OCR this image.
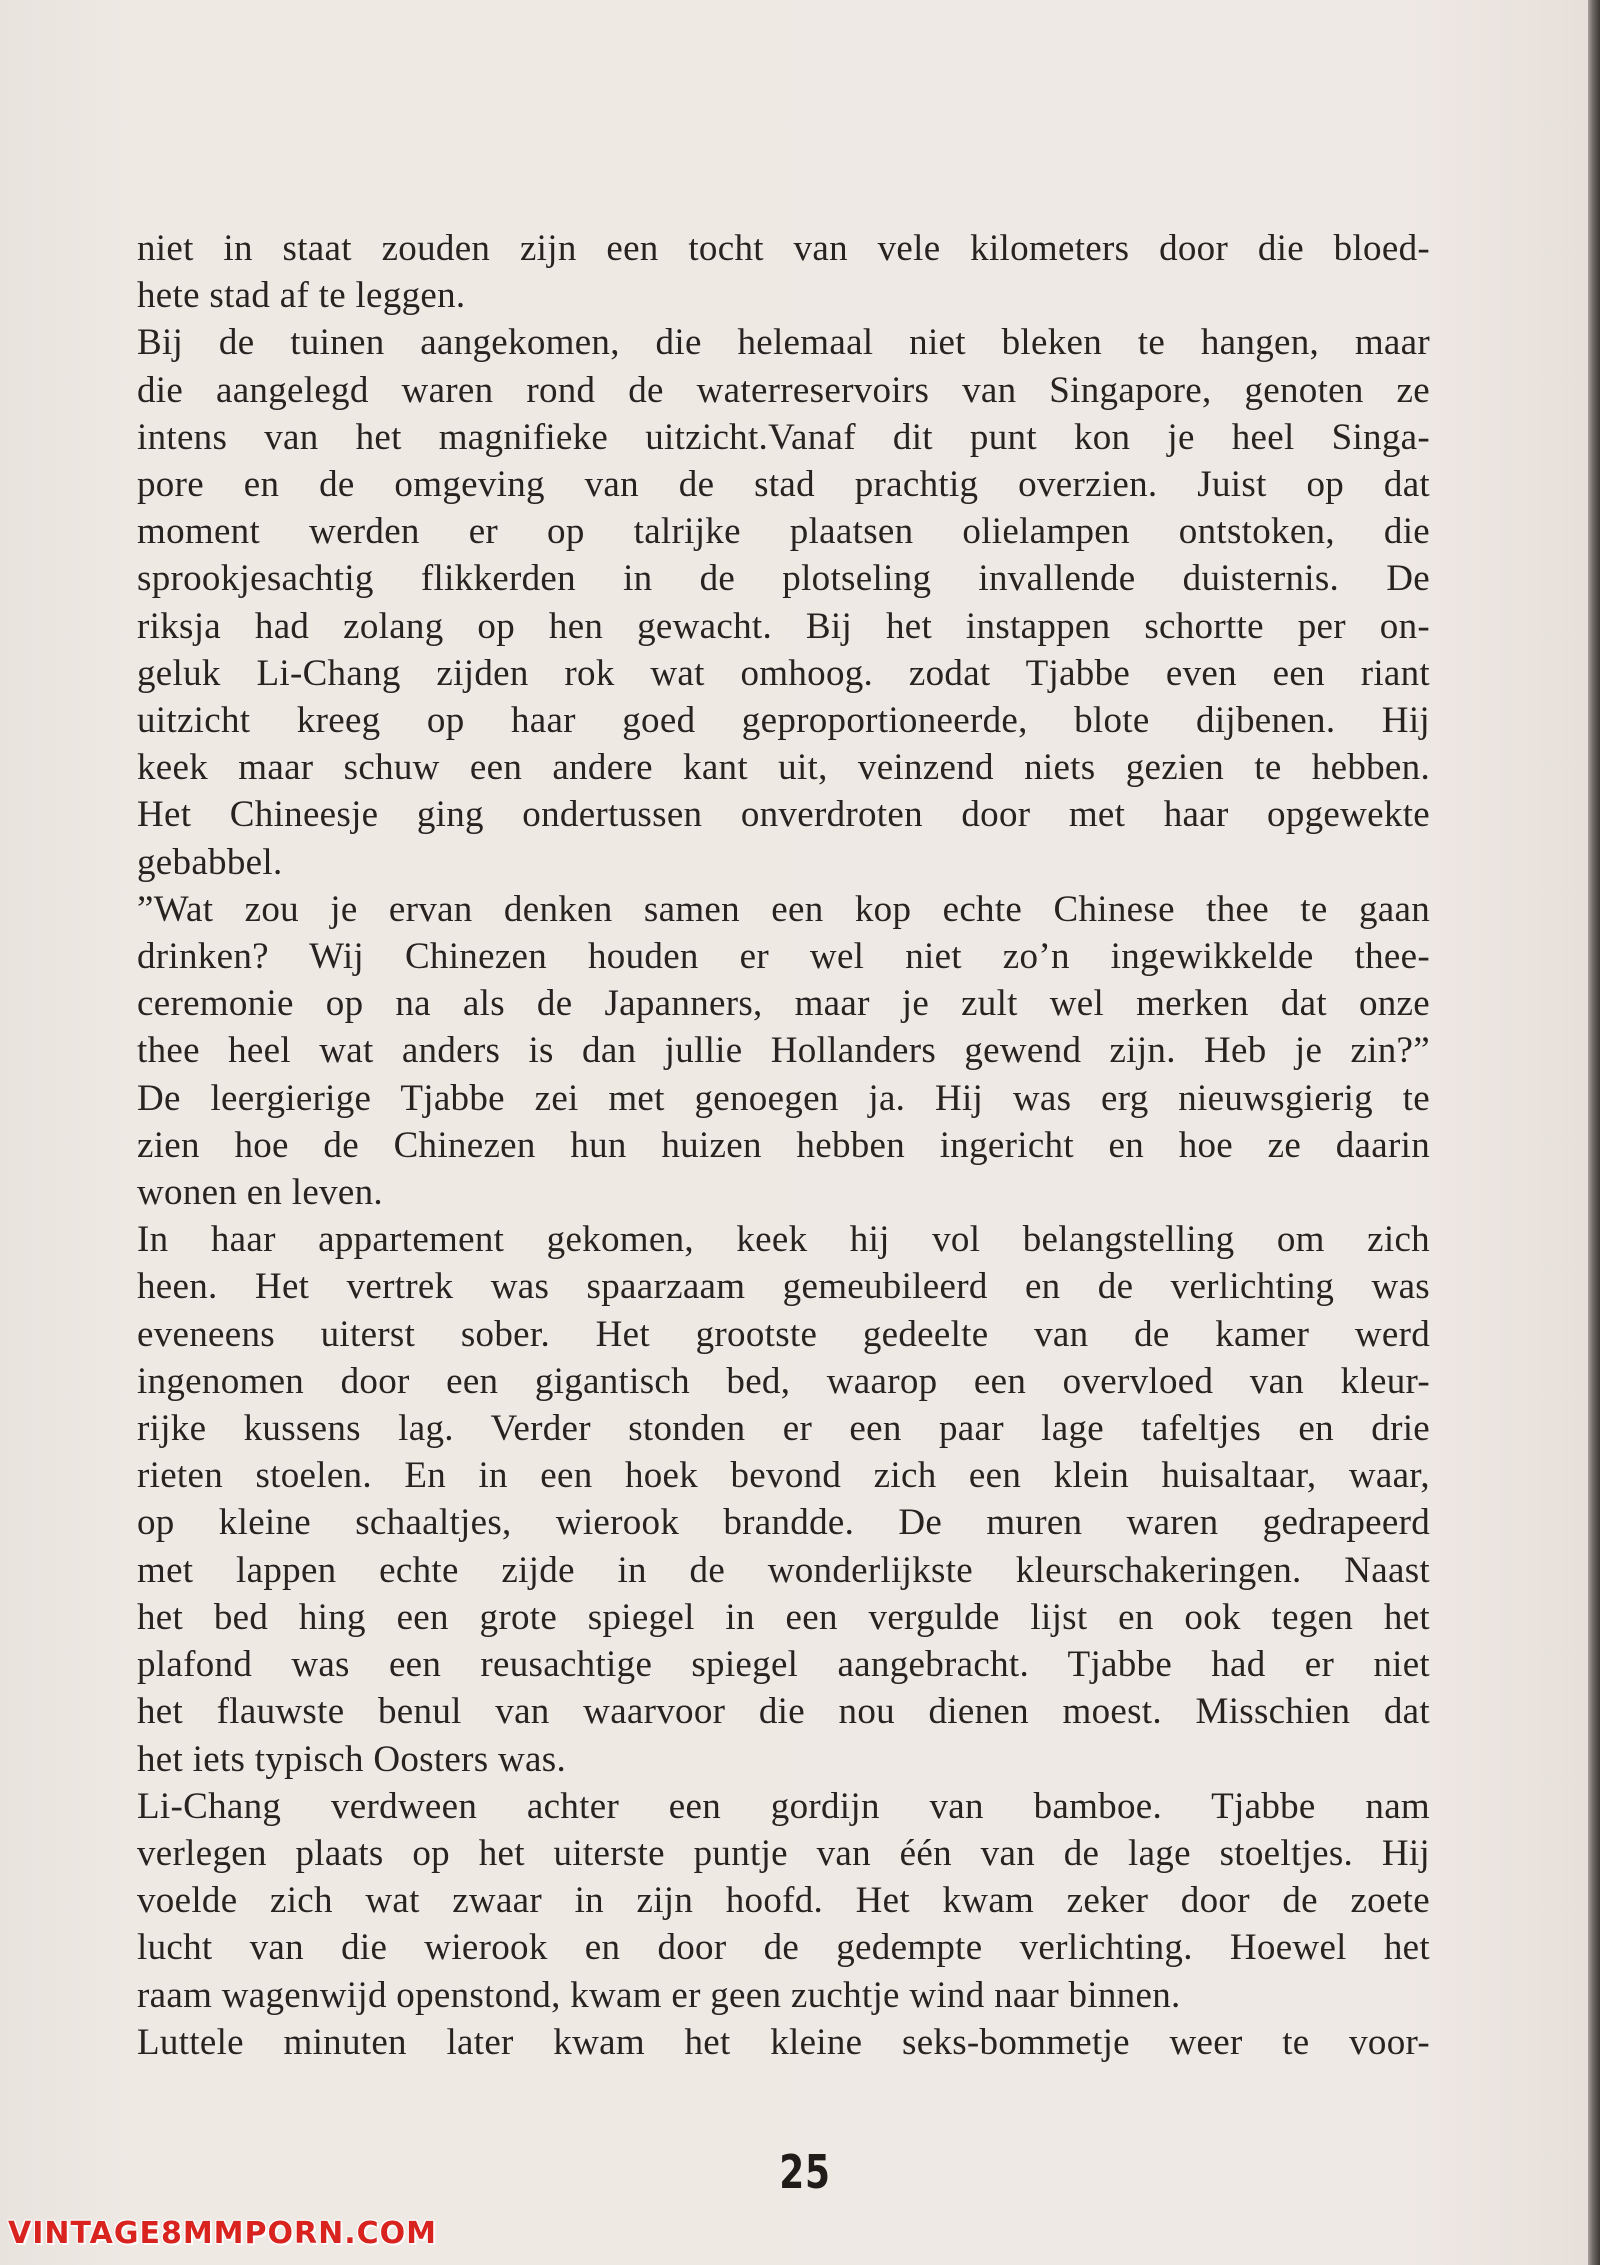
niet in staat zouden zijn een tocht van vele kilometers door die bloed-
hete stad af te leggen.
Bij de tuinen aangekomen, die helemaal niet bleken te hangen, maar
die aangelegd waren rond de waterreservoirs van Singapore, genoten ze
intens van het magnifieke uitzicht.Vanaf dit punt kon je heel Singa-
pore en de omgeving van de stad prachtig overzien. Juist op dat
moment werden er op talrijke plaatsen olielampen ontstoken, die
sprookjesachtig flikkerden in de plotseling invallende duisternis. De
riksja had zolang op hen gewacht. Bij het instappen schortte per on-
geluk Li-Chang zijden rok wat omhoog. zodat Tjabbe even een riant
uitzicht kreeg op haar goed geproportioneerde, blote dijbenen. Hij
keek maar schuw een andere kant uit, veinzend niets gezien te hebben.
Het Chineesje ging ondertussen onverdroten door met haar opgewekte
gebabbel.
”Wat zou je ervan denken samen een kop echte Chinese thee te gaan
drinken? Wij Chinezen houden er wel niet zo’n ingewikkelde thee-
ceremonie op na als de Japanners, maar je zult wel merken dat onze
thee heel wat anders is dan jullie Hollanders gewend zijn. Heb je zin?”
De leergierige Tjabbe zei met genoegen ja. Hij was erg nieuwsgierig te
zien hoe de Chinezen hun huizen hebben ingericht en hoe ze daarin
wonen en leven.
In haar appartement gekomen, keek hij vol belangstelling om zich
heen. Het vertrek was spaarzaam gemeubileerd en de verlichting was
eveneens uiterst sober. Het grootste gedeelte van de kamer werd
ingenomen door een gigantisch bed, waarop een overvloed van kleur-
rijke kussens lag. Verder stonden er een paar lage tafeltjes en drie
rieten stoelen. En in een hoek bevond zich een klein huisaltaar, waar,
op kleine schaaltjes, wierook brandde. De muren waren gedrapeerd
met lappen echte zijde in de wonderlijkste kleurschakeringen. Naast
het bed hing een grote spiegel in een vergulde lijst en ook tegen het
plafond was een reusachtige spiegel aangebracht. Tjabbe had er niet
het flauwste benul van waarvoor die nou dienen moest. Misschien dat
het iets typisch Oosters was.
Li-Chang verdween achter een gordijn van bamboe. Tjabbe nam
verlegen plaats op het uiterste puntje van één van de lage stoeltjes. Hij
voelde zich wat zwaar in zijn hoofd. Het kwam zeker door de zoete
lucht van die wierook en door de gedempte verlichting. Hoewel het
raam wagenwijd openstond, kwam er geen zuchtje wind naar binnen.
Luttele minuten later kwam het kleine seks-bommetje weer te voor-
25
VINTAGE8MMPORN.COM
